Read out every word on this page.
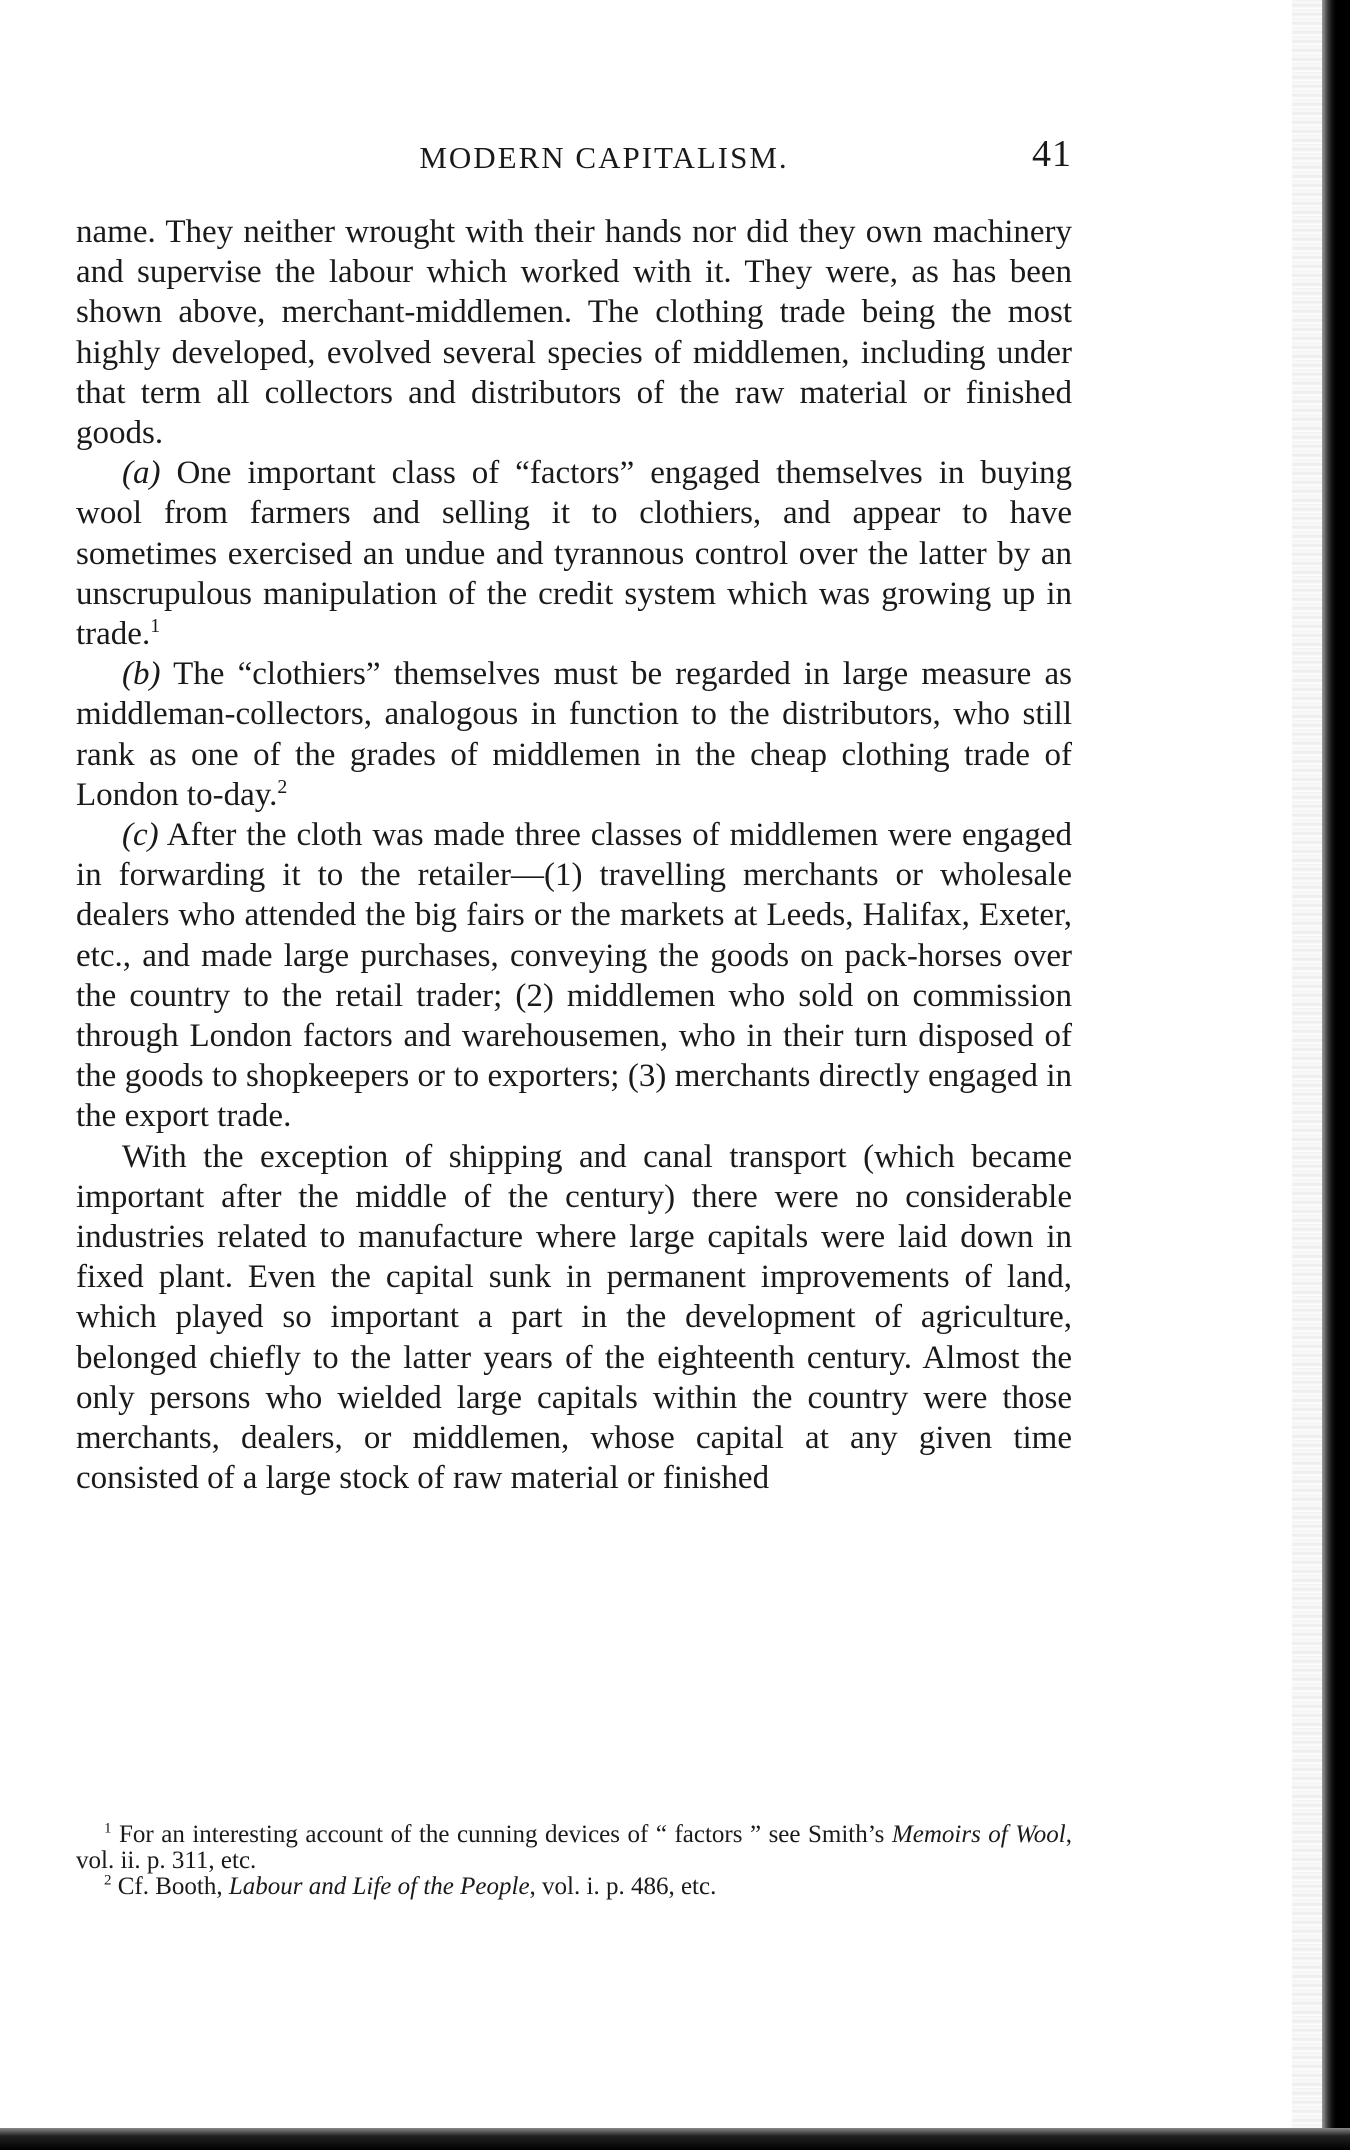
MODERN CAPITALISM.	41

name. They neither wrought with their hands nor did they own machinery and supervise the labour which worked with it. They were, as has been shown above, merchant-middlemen. The clothing trade being the most highly developed, evolved several species of middlemen, including under that term all collectors and distributors of the raw material or finished goods.

(a) One important class of “factors” engaged themselves in buying wool from farmers and selling it to clothiers, and appear to have sometimes exercised an undue and tyrannous control over the latter by an unscrupulous manipulation of the credit system which was growing up in trade.$^1$

(b) The “clothiers” themselves must be regarded in large measure as middleman-collectors, analogous in function to the distributors, who still rank as one of the grades of middlemen in the cheap clothing trade of London to-day.$^2$

(c) After the cloth was made three classes of middlemen were engaged in forwarding it to the retailer—(1) travelling merchants or wholesale dealers who attended the big fairs or the markets at Leeds, Halifax, Exeter, etc., and made large purchases, conveying the goods on pack-horses over the country to the retail trader; (2) middlemen who sold on commission through London factors and warehousemen, who in their turn disposed of the goods to shopkeepers or to exporters; (3) merchants directly engaged in the export trade.

With the exception of shipping and canal transport (which became important after the middle of the century) there were no considerable industries related to manufacture where large capitals were laid down in fixed plant. Even the capital sunk in permanent improvements of land, which played so important a part in the development of agriculture, belonged chiefly to the latter years of the eighteenth century. Almost the only persons who wielded large capitals within the country were those merchants, dealers, or middlemen, whose capital at any given time consisted of a large stock of raw material or finished

$^1$ For an interesting account of the cunning devices of “ factors ” see Smith’s Memoirs of Wool, vol. ii. p. 311, etc.

$^2$ Cf. Booth, Labour and Life of the People, vol. i. p. 486, etc.
